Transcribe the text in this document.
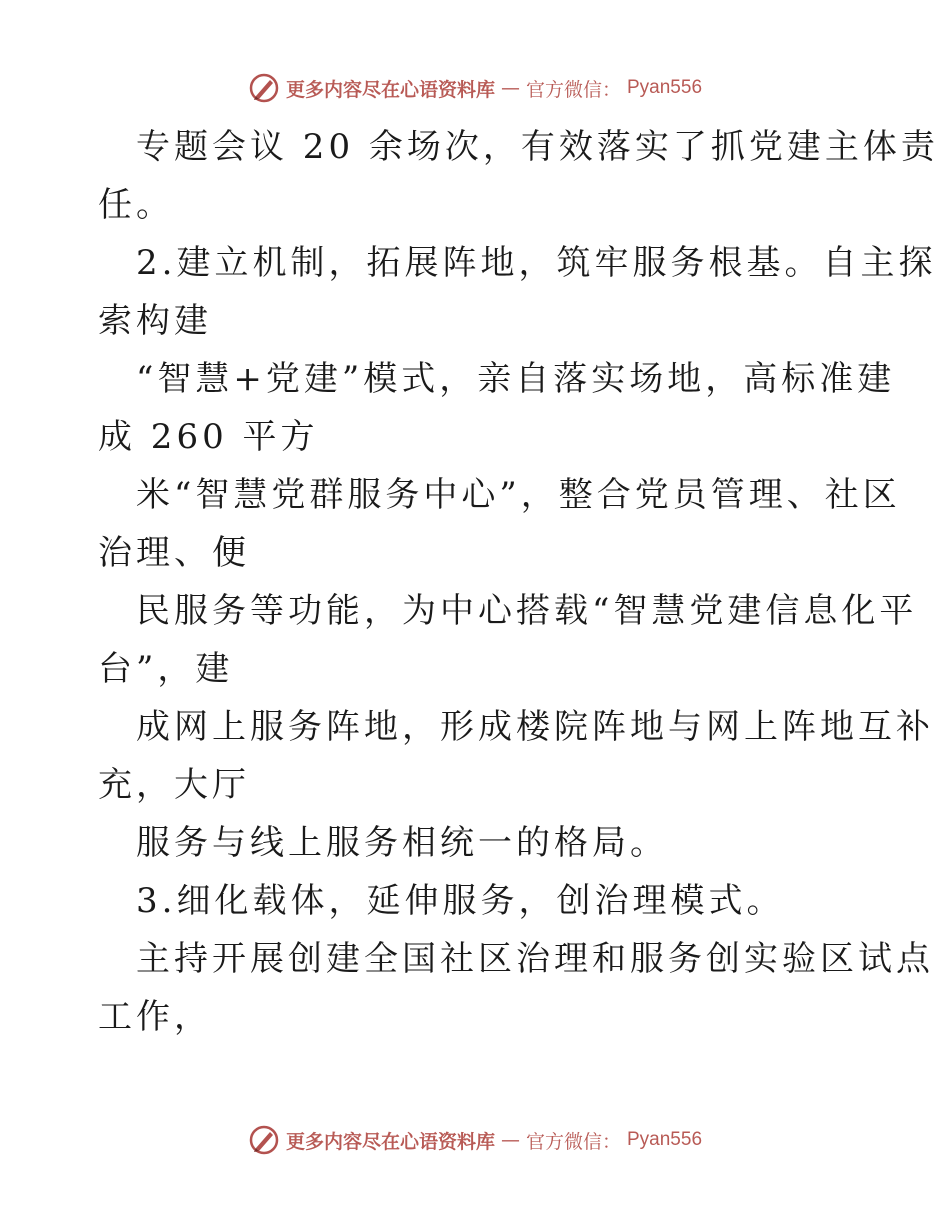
更多内容尽在心语资料库 — 官方微信： Pyan556
专题会议 20 余场次，有效落实了抓党建主体责
任。
2.建立机制，拓展阵地，筑牢服务根基。自主探
索构建
“智慧+党建”模式，亲自落实场地，高标准建
成 260 平方
米“智慧党群服务中心”，整合党员管理、社区
治理、便
民服务等功能，为中心搭载“智慧党建信息化平
台”，建
成网上服务阵地，形成楼院阵地与网上阵地互补
充，大厅
服务与线上服务相统一的格局。
3.细化载体，延伸服务，创治理模式。
主持开展创建全国社区治理和服务创实验区试点
工作，
更多内容尽在心语资料库 — 官方微信： Pyan556
